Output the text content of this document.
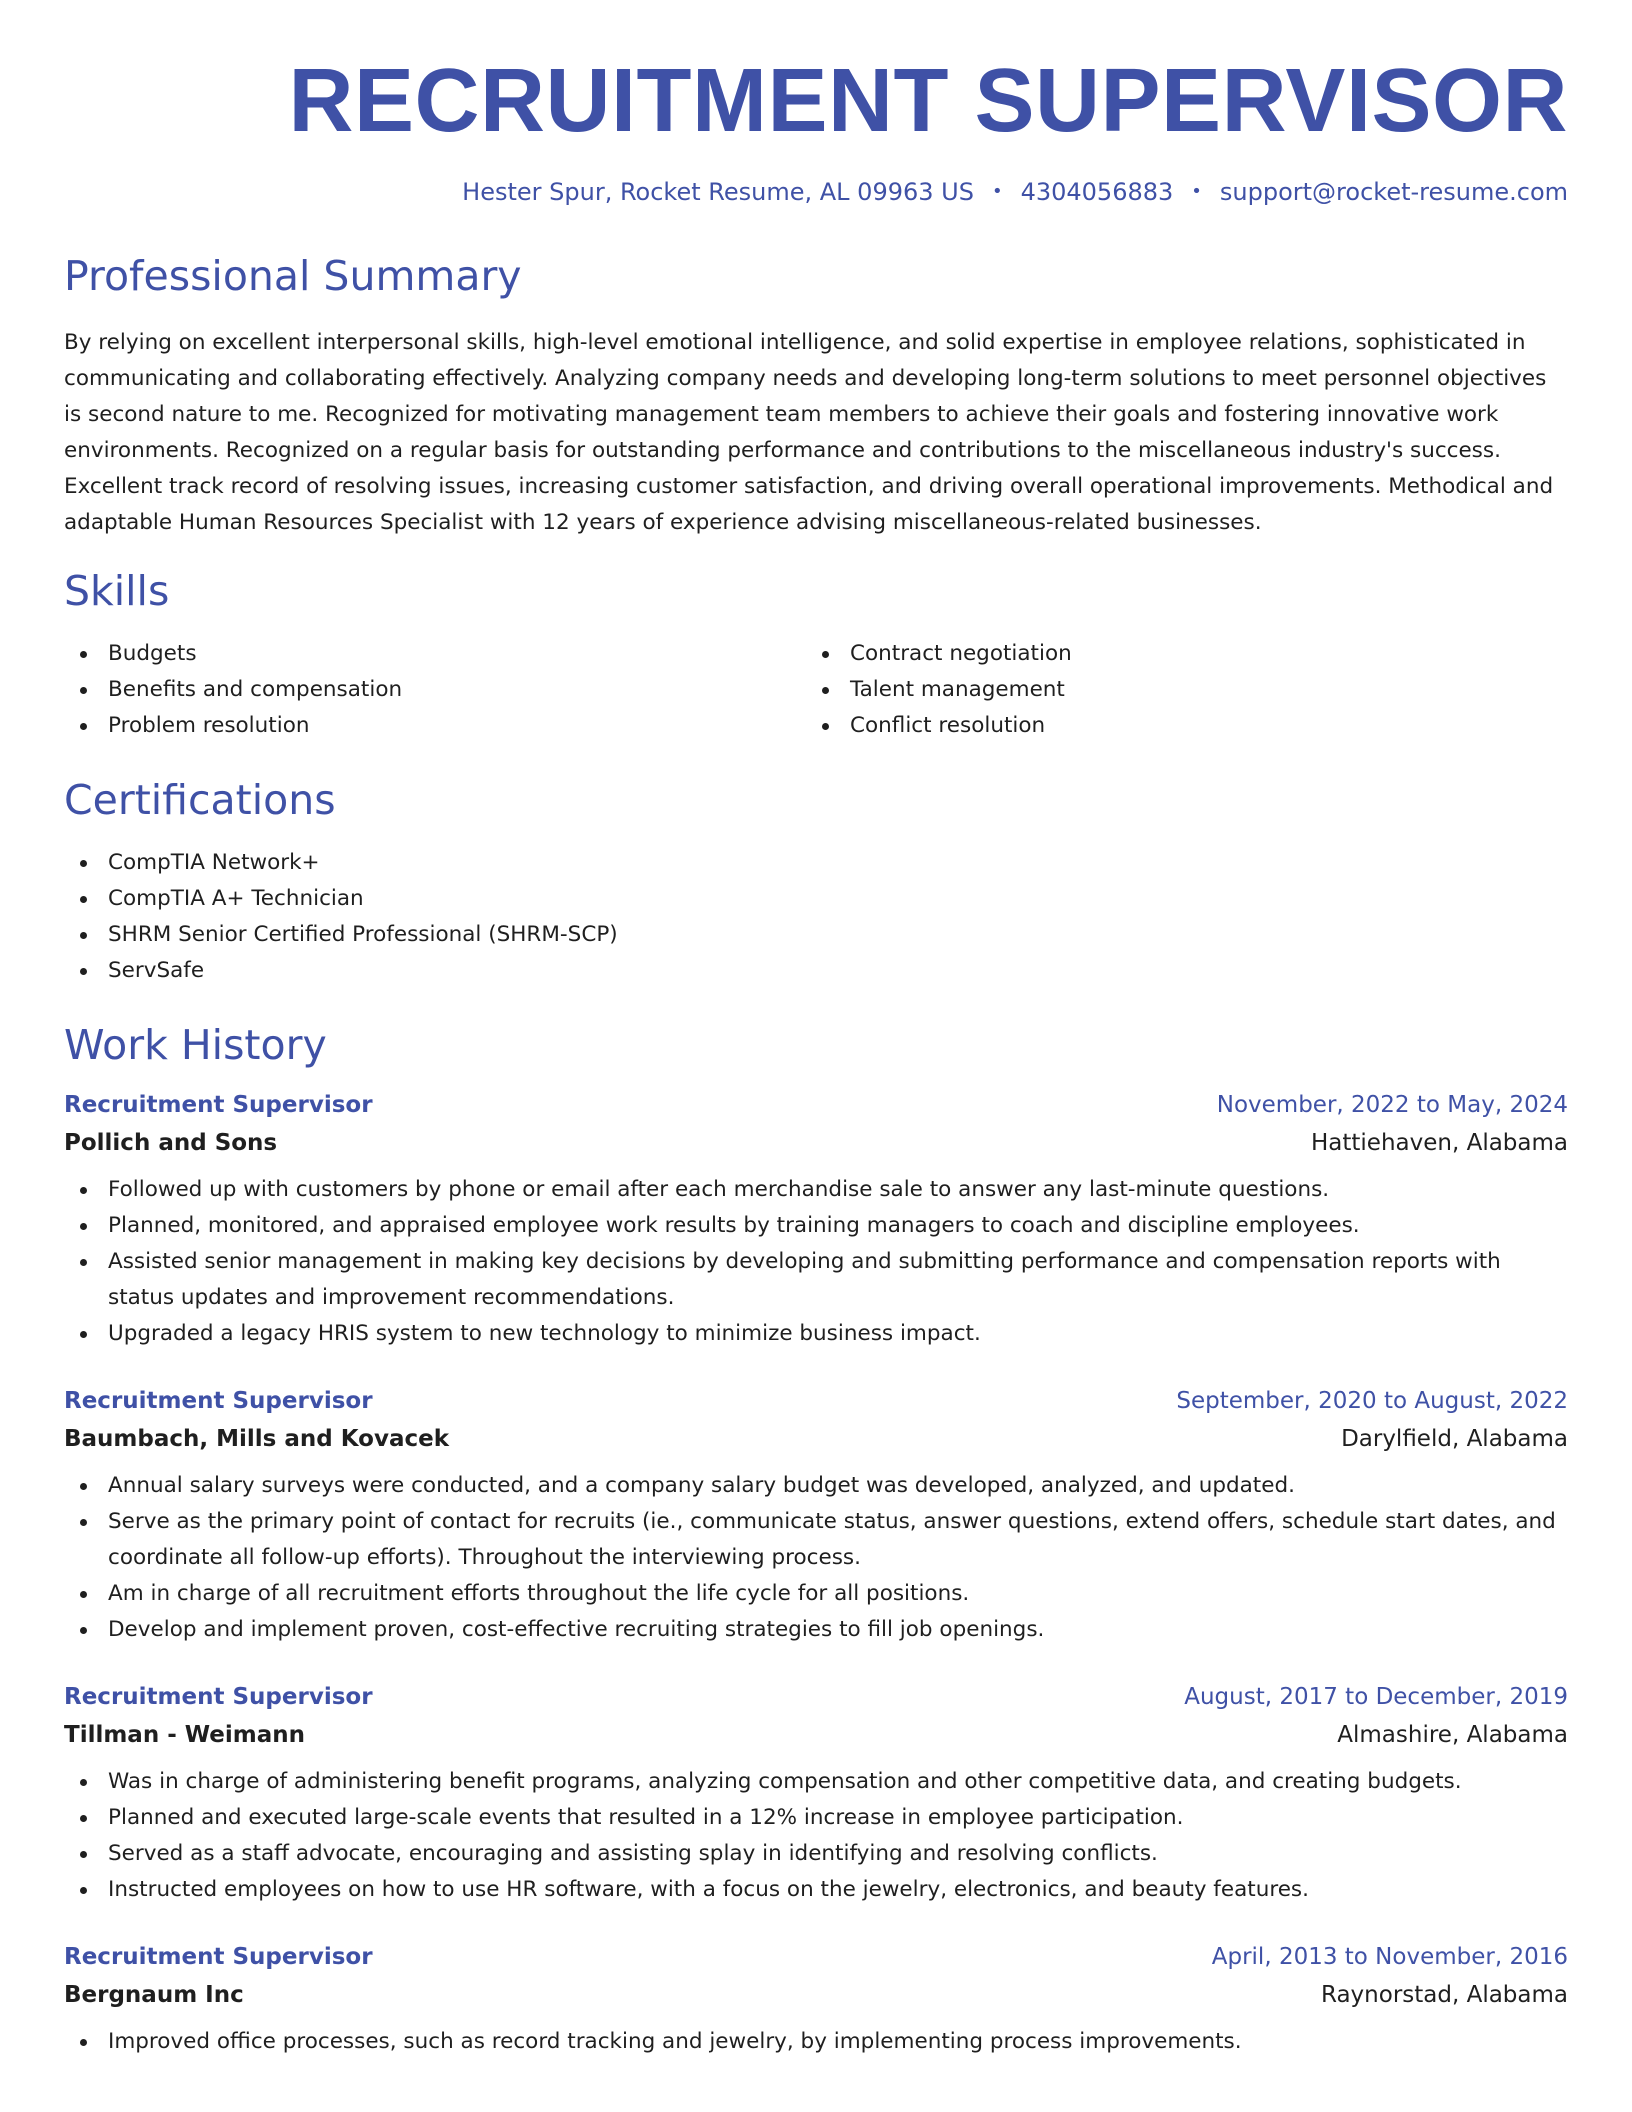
RECRUITMENT SUPERVISOR
Hester Spur, Rocket Resume, AL 09963 US • 4304056883 • support@rocket-resume.com
Professional Summary

By relying on excellent interpersonal skills, high-level emotional intelligence, and solid expertise in employee relations, sophisticated in communicating and collaborating effectively. Analyzing company needs and developing long-term solutions to meet personnel objectives is second nature to me. Recognized for motivating management team members to achieve their goals and fostering innovative work environments. Recognized on a regular basis for outstanding performance and contributions to the miscellaneous industry's success. Excellent track record of resolving issues, increasing customer satisfaction, and driving overall operational improvements. Methodical and adaptable Human Resources Specialist with 12 years of experience advising miscellaneous-related businesses.

Skills
Budgets
Benefits and compensation
Problem resolution
Contract negotiation
Talent management
Conflict resolution
Certifications
CompTIA Network+
CompTIA A+ Technician
SHRM Senior Certified Professional (SHRM-SCP)
ServSafe
Work History
Recruitment Supervisor	November, 2022 to May, 2024
Pollich and Sons	Hattiehaven, Alabama
Followed up with customers by phone or email after each merchandise sale to answer any last-minute questions.
Planned, monitored, and appraised employee work results by training managers to coach and discipline employees.
Assisted senior management in making key decisions by developing and submitting performance and compensation reports with status updates and improvement recommendations.
Upgraded a legacy HRIS system to new technology to minimize business impact.
Recruitment Supervisor	September, 2020 to August, 2022
Baumbach, Mills and Kovacek	Darylfield, Alabama
Annual salary surveys were conducted, and a company salary budget was developed, analyzed, and updated.
Serve as the primary point of contact for recruits (ie., communicate status, answer questions, extend offers, schedule start dates, and coordinate all follow-up efforts). Throughout the interviewing process.
Am in charge of all recruitment efforts throughout the life cycle for all positions.
Develop and implement proven, cost-effective recruiting strategies to fill job openings.
Recruitment Supervisor	August, 2017 to December, 2019
Tillman - Weimann	Almashire, Alabama
Was in charge of administering benefit programs, analyzing compensation and other competitive data, and creating budgets.
Planned and executed large-scale events that resulted in a 12% increase in employee participation.
Served as a staff advocate, encouraging and assisting splay in identifying and resolving conflicts.
Instructed employees on how to use HR software, with a focus on the jewelry, electronics, and beauty features.
Recruitment Supervisor	April, 2013 to November, 2016
Bergnaum Inc	Raynorstad, Alabama
Improved office processes, such as record tracking and jewelry, by implementing process improvements.
